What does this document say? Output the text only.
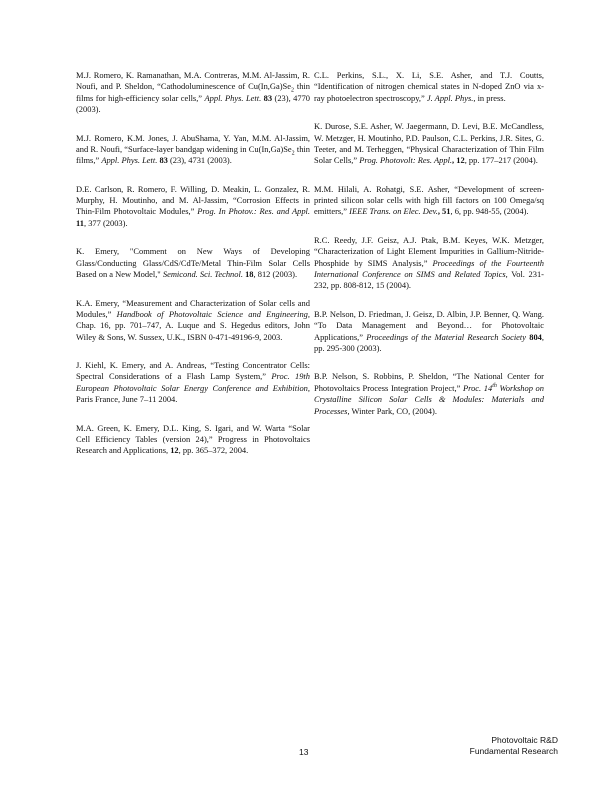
M.J. Romero, K. Ramanathan, M.A. Contreras, M.M. Al-Jassim, R. Noufi, and P. Sheldon, “Cathodoluminescence of $Cu(In,Ga)Se_2$ thin films for high-efficiency solar cells,” Appl. Phys. Lett. 83 (23), 4770 (2003).

M.J. Romero, K.M. Jones, J. AbuShama, Y. Yan, M.M. Al-Jassim, and R. Noufi, “Surface-layer bandgap widening in $Cu(In,Ga)Se_2$ thin films,” Appl. Phys. Lett. 83 (23), 4731 (2003).

D.E. Carlson, R. Romero, F. Willing, D. Meakin, L. Gonzalez, R. Murphy, H. Moutinho, and M. Al-Jassim, “Corrosion Effects in Thin-Film Photovoltaic Modules,” Prog. In Photov.: Res. and Appl. 11, 377 (2003).

K. Emery, "Comment on New Ways of Developing Glass/Conducting Glass/CdS/CdTe/Metal Thin-Film Solar Cells Based on a New Model," Semicond. Sci. Technol. 18, 812 (2003).

K.A. Emery, “Measurement and Characterization of Solar cells and Modules,” Handbook of Photovoltaic Science and Engineering, Chap. 16, pp. 701–747, A. Luque and S. Hegedus editors, John Wiley & Sons, W. Sussex, U.K., ISBN 0-471-49196-9, 2003.

J. Kiehl, K. Emery, and A. Andreas, “Testing Concentrator Cells: Spectral Considerations of a Flash Lamp System,” Proc. 19th European Photovoltaic Solar Energy Conference and Exhibition, Paris France, June 7–11 2004.

M.A. Green, K. Emery, D.L. King, S. Igari, and W. Warta “Solar Cell Efficiency Tables (version 24),” Progress in Photovoltaics Research and Applications, 12, pp. 365–372, 2004.

C.L. Perkins, S.L., X. Li, S.E. Asher, and T.J. Coutts, “Identification of nitrogen chemical states in N-doped ZnO via x-ray photoelectron spectroscopy,” J. Appl. Phys., in press.

K. Durose, S.E. Asher, W. Jaegermann, D. Levi, B.E. McCandless, W. Metzger, H. Moutinho, P.D. Paulson, C.L. Perkins, J.R. Sites, G. Teeter, and M. Terheggen, “Physical Characterization of Thin Film Solar Cells,” Prog. Photovolt: Res. Appl., 12, pp. 177–217 (2004).

M.M. Hilali, A. Rohatgi, S.E. Asher, “Development of screen-printed silicon solar cells with high fill factors on 100 Omega/sq emitters,” IEEE Trans. on Elec. Dev., 51, 6, pp. 948-55, (2004).

R.C. Reedy, J.F. Geisz, A.J. Ptak, B.M. Keyes, W.K. Metzger, “Characterization of Light Element Impurities in Gallium-Nitride-Phosphide by SIMS Analysis,” Proceedings of the Fourteenth International Conference on SIMS and Related Topics, Vol. 231-232, pp. 808-812, 15 (2004).

B.P. Nelson, D. Friedman, J. Geisz, D. Albin, J.P. Benner, Q. Wang. “To Data Management and Beyond… for Photovoltaic Applications,” Proceedings of the Material Research Society 804, pp. 295-300 (2003).

B.P. Nelson, S. Robbins, P. Sheldon, “The National Center for Photovoltaics Process Integration Project,” Proc. 14th Workshop on Crystalline Silicon Solar Cells & Modules: Materials and Processes, Winter Park, CO, (2004).

13
Photovoltaic R&D
Fundamental Research
